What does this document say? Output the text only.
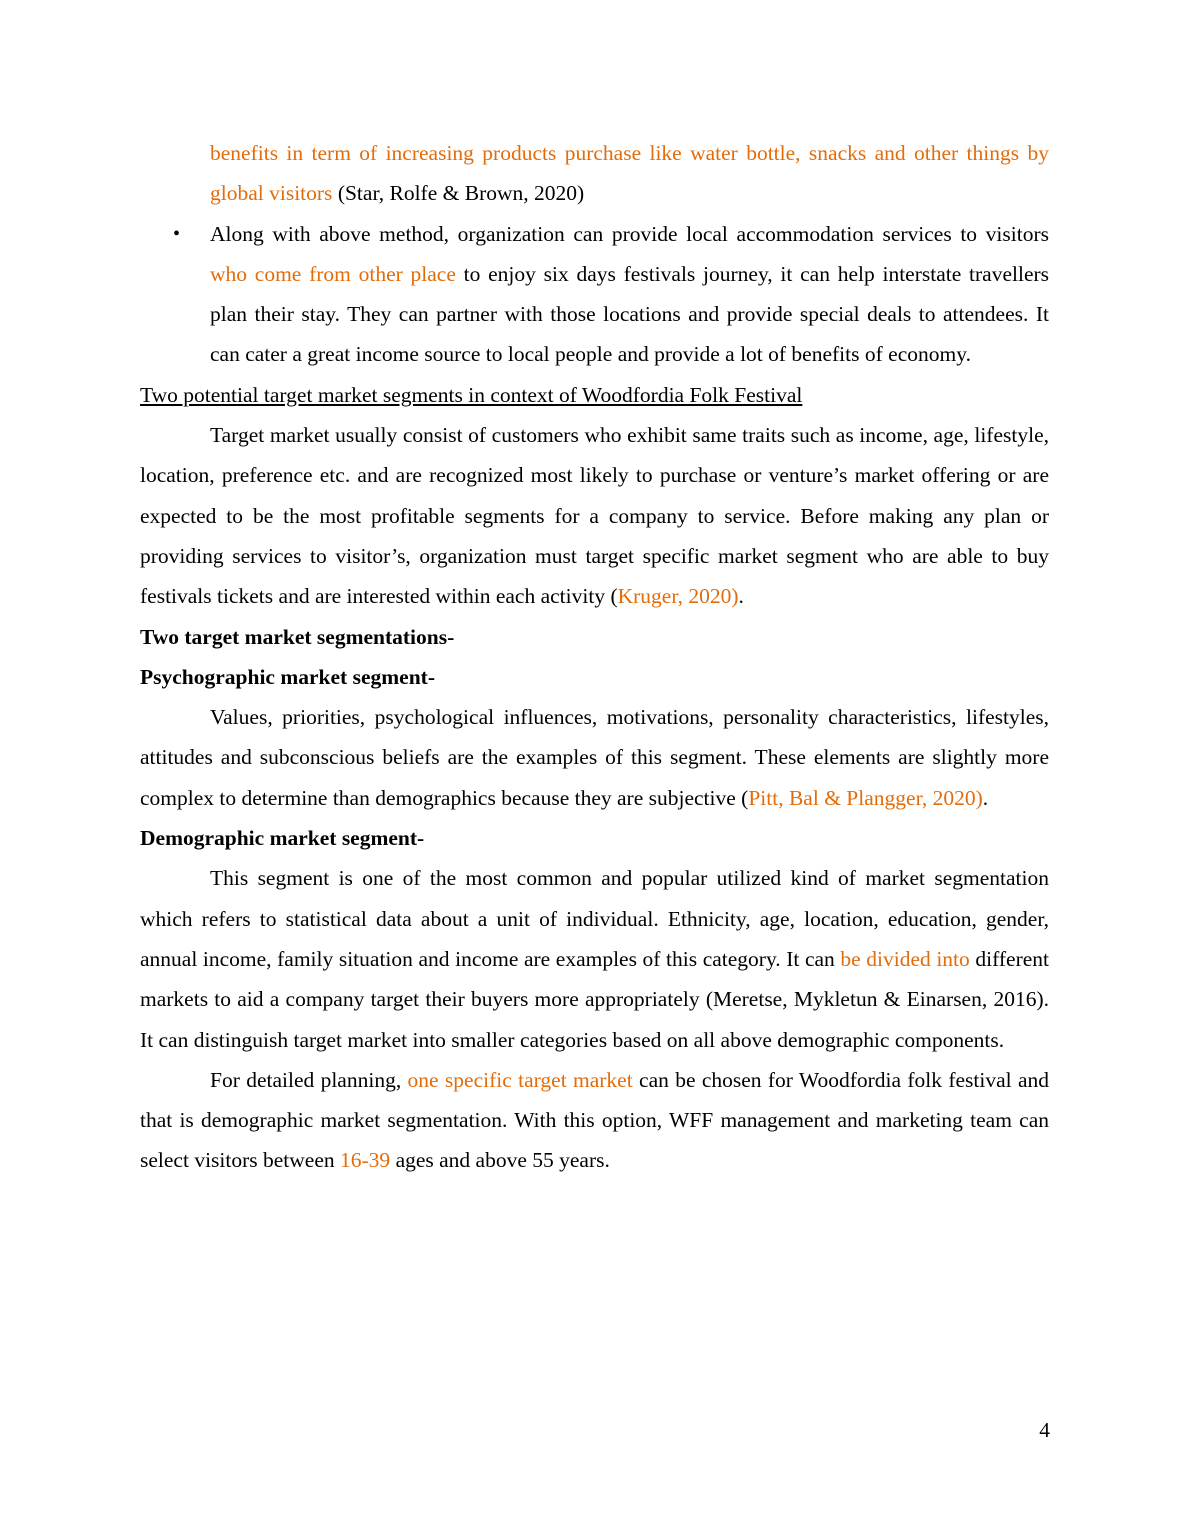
benefits in term of increasing products purchase like water bottle, snacks and other things by global visitors (Star, Rolfe & Brown, 2020)

• Along with above method, organization can provide local accommodation services to visitors who come from other place to enjoy six days festivals journey, it can help interstate travellers plan their stay. They can partner with those locations and provide special deals to attendees. It can cater a great income source to local people and provide a lot of benefits of economy.

Two potential target market segments in context of Woodfordia Folk Festival

Target market usually consist of customers who exhibit same traits such as income, age, lifestyle, location, preference etc. and are recognized most likely to purchase or venture’s market offering or are expected to be the most profitable segments for a company to service. Before making any plan or providing services to visitor’s, organization must target specific market segment who are able to buy festivals tickets and are interested within each activity (Kruger, 2020).

Two target market segmentations-

Psychographic market segment-

Values, priorities, psychological influences, motivations, personality characteristics, lifestyles, attitudes and subconscious beliefs are the examples of this segment. These elements are slightly more complex to determine than demographics because they are subjective (Pitt, Bal & Plangger, 2020).

Demographic market segment-

This segment is one of the most common and popular utilized kind of market segmentation which refers to statistical data about a unit of individual. Ethnicity, age, location, education, gender, annual income, family situation and income are examples of this category. It can be divided into different markets to aid a company target their buyers more appropriately (Meretse, Mykletun & Einarsen, 2016). It can distinguish target market into smaller categories based on all above demographic components.

For detailed planning, one specific target market can be chosen for Woodfordia folk festival and that is demographic market segmentation. With this option, WFF management and marketing team can select visitors between 16-39 ages and above 55 years.

4
